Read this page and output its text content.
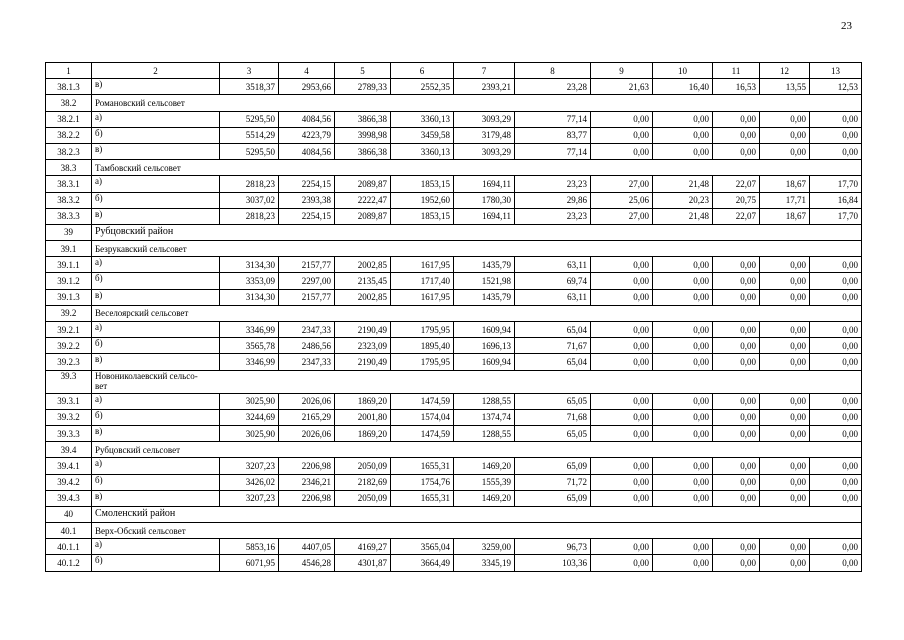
23
1	2	3	4	5	6	7	8	9	10	11	12	13
38.1.3	в)	3518,37	2953,66	2789,33	2552,35	2393,21	23,28	21,63	16,40	16,53	13,55	12,53
38.2	Романовский сельсовет											
38.2.1	а)	5295,50	4084,56	3866,38	3360,13	3093,29	77,14	0,00	0,00	0,00	0,00	0,00
38.2.2	б)	5514,29	4223,79	3998,98	3459,58	3179,48	83,77	0,00	0,00	0,00	0,00	0,00
38.2.3	в)	5295,50	4084,56	3866,38	3360,13	3093,29	77,14	0,00	0,00	0,00	0,00	0,00
38.3	Тамбовский сельсовет											
38.3.1	а)	2818,23	2254,15	2089,87	1853,15	1694,11	23,23	27,00	21,48	22,07	18,67	17,70
38.3.2	б)	3037,02	2393,38	2222,47	1952,60	1780,30	29,86	25,06	20,23	20,75	17,71	16,84
38.3.3	в)	2818,23	2254,15	2089,87	1853,15	1694,11	23,23	27,00	21,48	22,07	18,67	17,70
39	Рубцовский район											
39.1	Безрукавский сельсовет											
39.1.1	а)	3134,30	2157,77	2002,85	1617,95	1435,79	63,11	0,00	0,00	0,00	0,00	0,00
39.1.2	б)	3353,09	2297,00	2135,45	1717,40	1521,98	69,74	0,00	0,00	0,00	0,00	0,00
39.1.3	в)	3134,30	2157,77	2002,85	1617,95	1435,79	63,11	0,00	0,00	0,00	0,00	0,00
39.2	Веселоярский сельсовет											
39.2.1	а)	3346,99	2347,33	2190,49	1795,95	1609,94	65,04	0,00	0,00	0,00	0,00	0,00
39.2.2	б)	3565,78	2486,56	2323,09	1895,40	1696,13	71,67	0,00	0,00	0,00	0,00	0,00
39.2.3	в)	3346,99	2347,33	2190,49	1795,95	1609,94	65,04	0,00	0,00	0,00	0,00	0,00
39.3	Новониколаевский сельсо-
вет											
39.3.1	а)	3025,90	2026,06	1869,20	1474,59	1288,55	65,05	0,00	0,00	0,00	0,00	0,00
39.3.2	б)	3244,69	2165,29	2001,80	1574,04	1374,74	71,68	0,00	0,00	0,00	0,00	0,00
39.3.3	в)	3025,90	2026,06	1869,20	1474,59	1288,55	65,05	0,00	0,00	0,00	0,00	0,00
39.4	Рубцовский сельсовет											
39.4.1	а)	3207,23	2206,98	2050,09	1655,31	1469,20	65,09	0,00	0,00	0,00	0,00	0,00
39.4.2	б)	3426,02	2346,21	2182,69	1754,76	1555,39	71,72	0,00	0,00	0,00	0,00	0,00
39.4.3	в)	3207,23	2206,98	2050,09	1655,31	1469,20	65,09	0,00	0,00	0,00	0,00	0,00
40	Смоленский район											
40.1	Верх-Обский сельсовет											
40.1.1	а)	5853,16	4407,05	4169,27	3565,04	3259,00	96,73	0,00	0,00	0,00	0,00	0,00
40.1.2	б)	6071,95	4546,28	4301,87	3664,49	3345,19	103,36	0,00	0,00	0,00	0,00	0,00
